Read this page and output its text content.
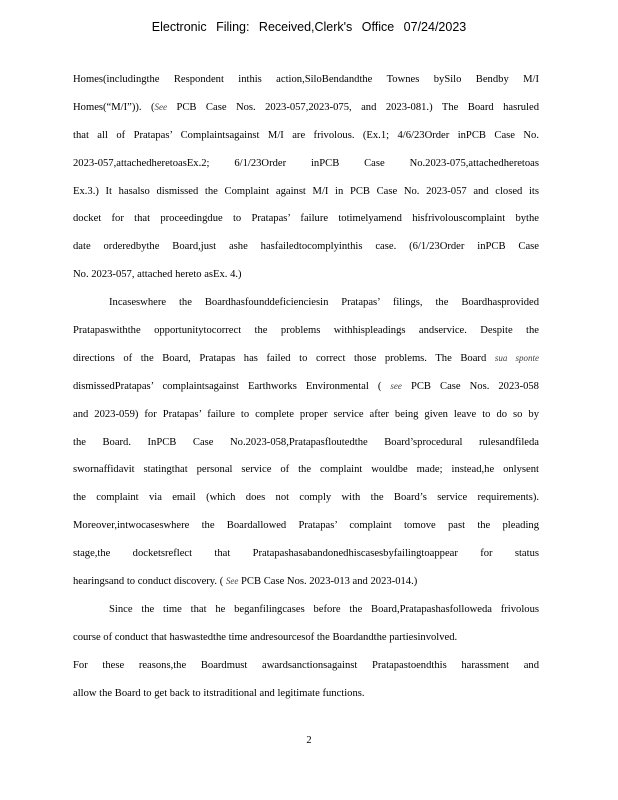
Electronic Filing: Received,Clerk's Office 07/24/2023
Homes(includingthe Respondent inthis action,SiloBendandthe Townes bySilo Bendby M/I
Homes(“M/I”)). (See PCB Case Nos. 2023-057,2023-075, and 2023-081.) The Board hasruled
that all of Pratapas’ Complaintsagainst M/I are frivolous. (Ex.1; 4/6/23Order inPCB Case No.
2023-057,attachedheretoasEx.2; 6/1/23Order inPCB Case No.2023-075,attachedheretoas
Ex.3.) It hasalso dismissed the Complaint against M/I in PCB Case No. 2023-057 and closed its
docket for that proceedingdue to Pratapas’ failure totimelyamend hisfrivolouscomplaint bythe
date orderedbythe Board,just ashe hasfailedtocomplyinthis case. (6/1/23Order inPCB Case
No. 2023-057, attached hereto asEx. 4.)
Incaseswhere the Boardhasfounddeficienciesin Pratapas’ filings, the Boardhasprovided
Pratapaswiththe opportunitytocorrect the problems withhispleadings andservice. Despite the
directions of the Board, Pratapas has failed to correct those problems. The Board sua sponte
dismissedPratapas’ complaintsagainst Earthworks Environmental ( see PCB Case Nos. 2023-058
and 2023-059) for Pratapas’ failure to complete proper service after being given leave to do so by
the Board. InPCB Case No.2023-058,Pratapasfloutedthe Board’sprocedural rulesandfileda
swornaffidavit statingthat personal service of the complaint wouldbe made; instead,he onlysent
the complaint via email (which does not comply with the Board’s service requirements).
Moreover,intwocaseswhere the Boardallowed Pratapas’ complaint tomove past the pleading
stage,the docketsreflect that Pratapashasabandonedhiscasesbyfailingtoappear for status
hearingsand to conduct discovery. ( See PCB Case Nos. 2023-013 and 2023-014.)
Since the time that he beganfilingcases before the Board,Pratapashasfolloweda frivolous
course of conduct that haswastedthe time andresourcesof the Boardandthe partiesinvolved.
For these reasons,the Boardmust awardsanctionsagainst Pratapastoendthis harassment and
allow the Board to get back to itstraditional and legitimate functions.
2
